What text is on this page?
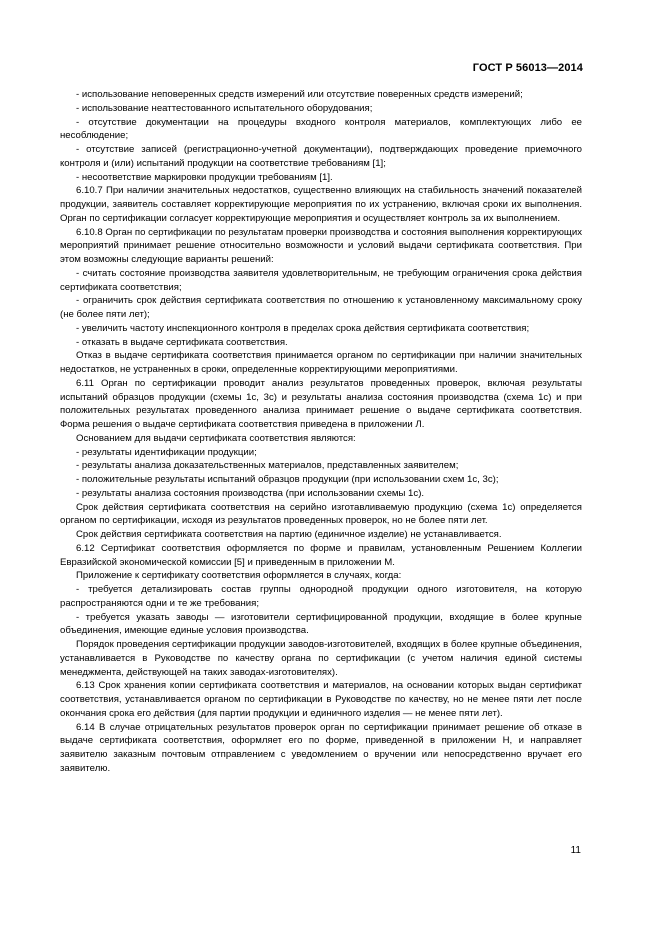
ГОСТ Р 56013—2014

- использование неповеренных средств измерений или отсутствие поверенных средств измерений;

- использование неаттестованного испытательного оборудования;

- отсутствие документации на процедуры входного контроля материалов, комплектующих либо ее несоблюдение;

- отсутствие записей (регистрационно-учетной документации), подтверждающих проведение приемочного контроля и (или) испытаний продукции на соответствие требованиям [1];

- несоответствие маркировки продукции требованиям [1].

6.10.7 При наличии значительных недостатков, существенно влияющих на стабильность значений показателей продукции, заявитель составляет корректирующие мероприятия по их устранению, включая сроки их выполнения. Орган по сертификации согласует корректирующие мероприятия и осуществляет контроль за их выполнением.

6.10.8 Орган по сертификации по результатам проверки производства и состояния выполнения корректирующих мероприятий принимает решение относительно возможности и условий выдачи сертификата соответствия. При этом возможны следующие варианты решений:

- считать состояние производства заявителя удовлетворительным, не требующим ограничения срока действия сертификата соответствия;

- ограничить срок действия сертификата соответствия по отношению к установленному максимальному сроку (не более пяти лет);

- увеличить частоту инспекционного контроля в пределах срока действия сертификата соответствия;

- отказать в выдаче сертификата соответствия.

Отказ в выдаче сертификата соответствия принимается органом по сертификации при наличии значительных недостатков, не устраненных в сроки, определенные корректирующими мероприятиями.

6.11 Орган по сертификации проводит анализ результатов проведенных проверок, включая результаты испытаний образцов продукции (схемы 1с, 3с) и результаты анализа состояния производства (схема 1с) и при положительных результатах проведенного анализа принимает решение о выдаче сертификата соответствия. Форма решения о выдаче сертификата соответствия приведена в приложении Л.

Основанием для выдачи сертификата соответствия являются:

- результаты идентификации продукции;

- результаты анализа доказательственных материалов, представленных заявителем;

- положительные результаты испытаний образцов продукции (при использовании схем 1с, 3с);

- результаты анализа состояния производства (при использовании схемы 1с).

Срок действия сертификата соответствия на серийно изготавливаемую продукцию (схема 1с) определяется органом по сертификации, исходя из результатов проведенных проверок, но не более пяти лет.

Срок действия сертификата соответствия на партию (единичное изделие) не устанавливается.

6.12 Сертификат соответствия оформляется по форме и правилам, установленным Решением Коллегии Евразийской экономической комиссии [5] и приведенным в приложении М.

Приложение к сертификату соответствия оформляется в случаях, когда:

- требуется детализировать состав группы однородной продукции одного изготовителя, на которую распространяются одни и те же требования;

- требуется указать заводы — изготовители сертифицированной продукции, входящие в более крупные объединения, имеющие единые условия производства.

Порядок проведения сертификации продукции заводов-изготовителей, входящих в более крупные объединения, устанавливается в Руководстве по качеству органа по сертификации (с учетом наличия единой системы менеджмента, действующей на таких заводах-изготовителях).

6.13 Срок хранения копии сертификата соответствия и материалов, на основании которых выдан сертификат соответствия, устанавливается органом по сертификации в Руководстве по качеству, но не менее пяти лет после окончания срока его действия (для партии продукции и единичного изделия — не менее пяти лет).

6.14 В случае отрицательных результатов проверок орган по сертификации принимает решение об отказе в выдаче сертификата соответствия, оформляет его по форме, приведенной в приложении Н, и направляет заявителю заказным почтовым отправлением с уведомлением о вручении или непосредственно вручает его заявителю.

11
